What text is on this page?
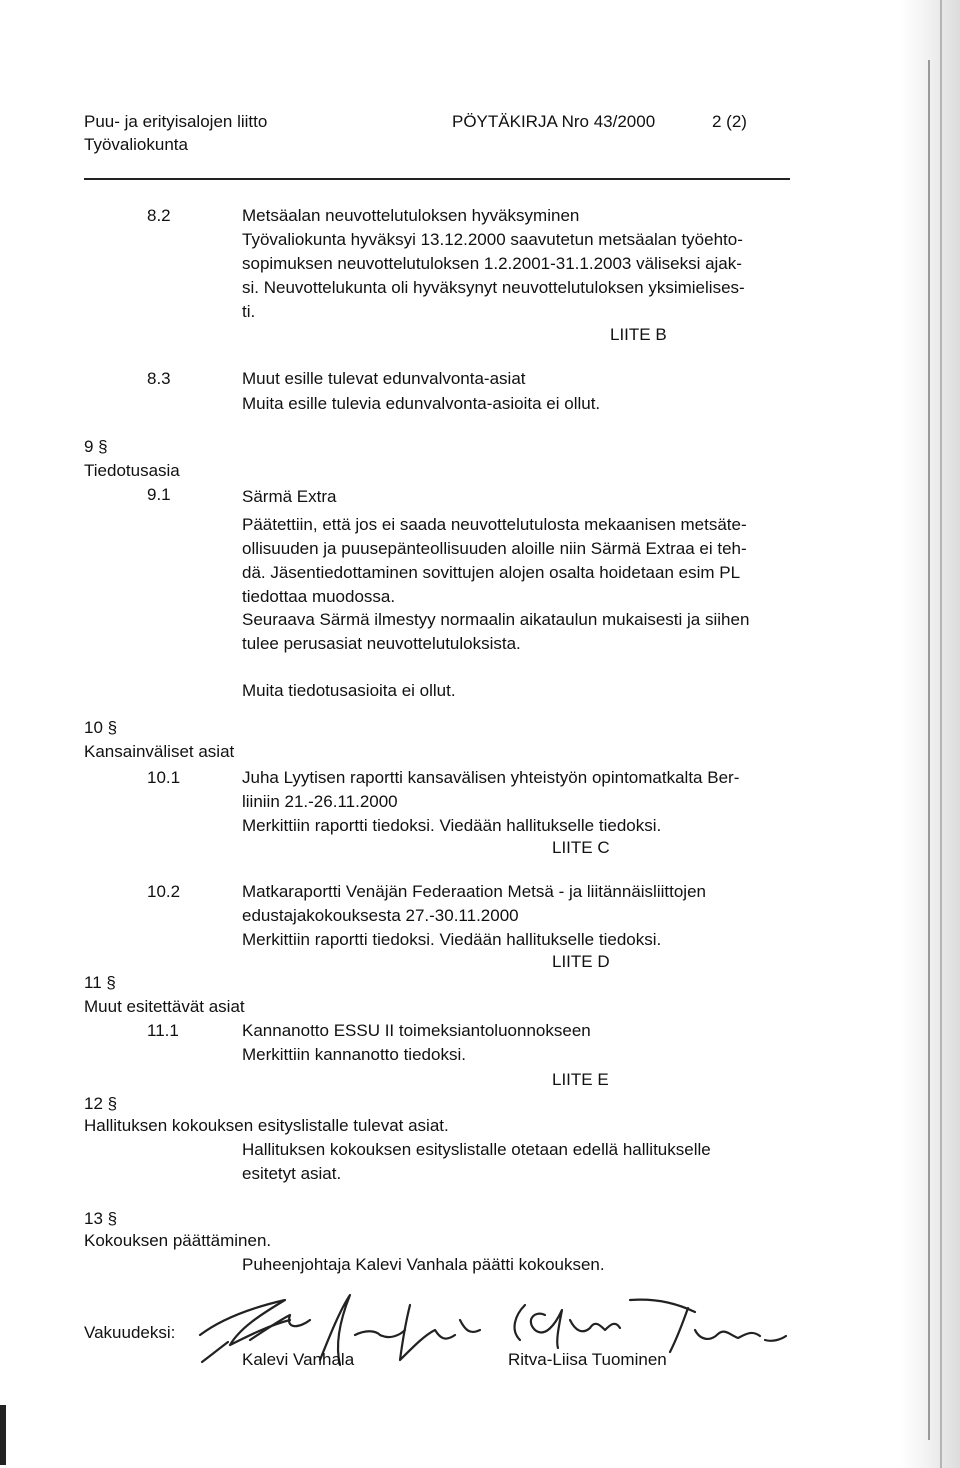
Puu- ja erityisalojen liitto
Työvaliokunta
PÖYTÄKIRJA Nro 43/2000	2 (2)
8.2	Metsäalan neuvottelutuloksen hyväksyminen
Työvaliokunta hyväksyi 13.12.2000 saavutetun metsäalan työehto-
sopimuksen neuvottelutuloksen 1.2.2001-31.1.2003 väliseksi ajak-
si. Neuvottelukunta oli hyväksynyt neuvottelutuloksen yksimielises-
ti.
LIITE B
8.3	Muut esille tulevat edunvalvonta-asiat
Muita esille tulevia edunvalvonta-asioita ei ollut.
9 §
Tiedotusasia
9.1	Särmä Extra
Päätettiin, että jos ei saada neuvottelutulosta mekaanisen metsäte-
ollisuuden ja puusepänteollisuuden aloille niin Särmä Extraa ei teh-
dä. Jäsentiedottaminen sovittujen alojen osalta hoidetaan esim PL
tiedottaa muodossa.
Seuraava Särmä ilmestyy normaalin aikataulun mukaisesti ja siihen
tulee perusasiat neuvottelutuloksista.
Muita tiedotusasioita ei ollut.
10 §
Kansainväliset asiat
10.1	Juha Lyytisen raportti kansavälisen yhteistyön opintomatkalta Ber-
liiniin 21.-26.11.2000
Merkittiin raportti tiedoksi. Viedään hallitukselle tiedoksi.
LIITE C
10.2	Matkaraportti Venäjän Federaation Metsä - ja liitännäisliittojen
edustajakokouksesta 27.-30.11.2000
Merkittiin raportti tiedoksi. Viedään hallitukselle tiedoksi.
LIITE D
11 §
Muut esitettävät asiat
11.1	Kannanotto ESSU II toimeksiantoluonnokseen
Merkittiin kannanotto tiedoksi.
LIITE E
12 §
Hallituksen kokouksen esityslistalle tulevat asiat.
Hallituksen kokouksen esityslistalle otetaan edellä hallitukselle
esitetyt asiat.
13 §
Kokouksen päättäminen.
Puheenjohtaja Kalevi Vanhala päätti kokouksen.
Vakuudeksi:
Kalevi Vanhala	Ritva-Liisa Tuominen
